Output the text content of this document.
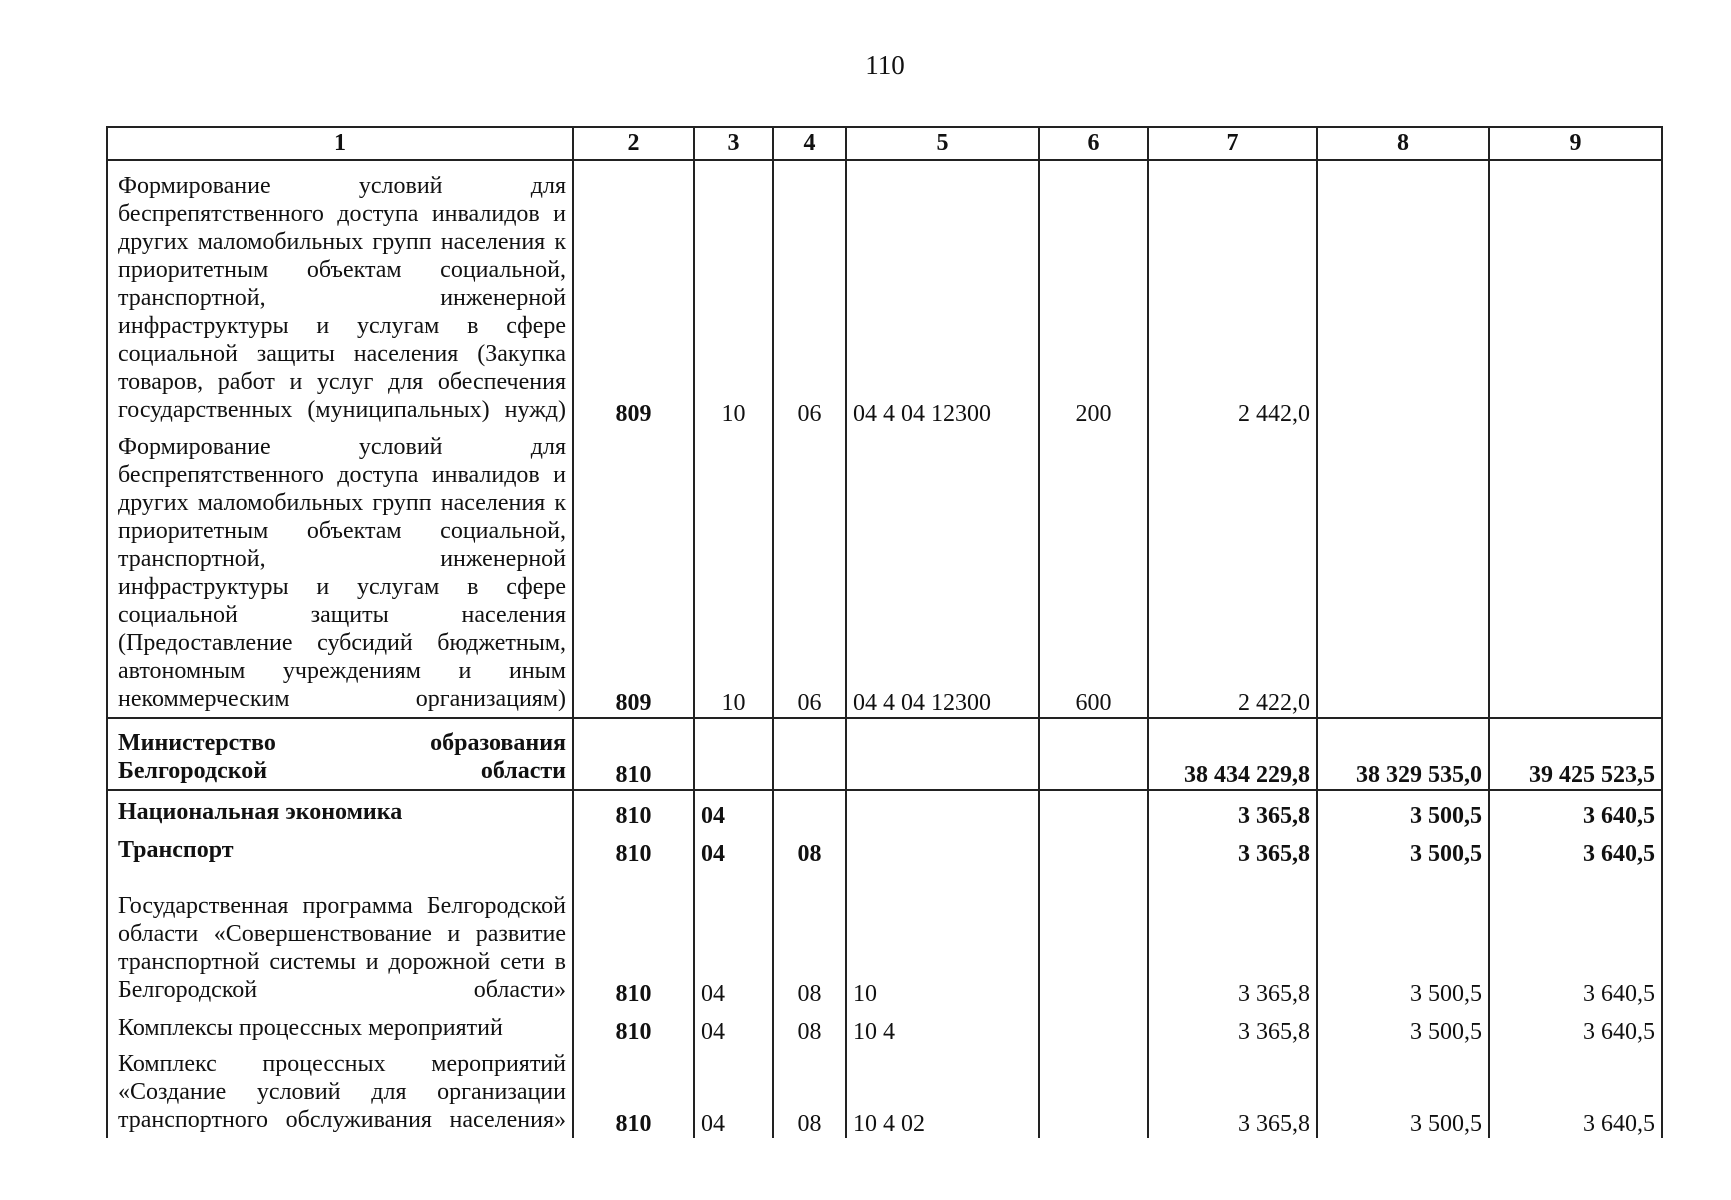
110
1	2	3	4	5	6	7	8	9
Формирование условий для беспрепятственного доступа инвалидов и других маломобильных групп населения к приоритетным объектам социальной, транспортной, инженерной инфраструктуры и услугам в сфере социальной защиты населения (Закупка товаров, работ и услуг для обеспечения государственных (муниципальных) нужд)	809	10	06	04 4 04 12300	200	2 442,0		
Формирование условий для беспрепятственного доступа инвалидов и других маломобильных групп населения к приоритетным объектам социальной, транспортной, инженерной инфраструктуры и услугам в сфере социальной защиты населения (Предоставление субсидий бюджетным, автономным учреждениям и иным некоммерческим организациям)	809	10	06	04 4 04 12300	600	2 422,0		
Министерство образования Белгородской области	810					38 434 229,8	38 329 535,0	39 425 523,5
Национальная экономика	810	04				3 365,8	3 500,5	3 640,5
Транспорт	810	04	08			3 365,8	3 500,5	3 640,5
Государственная программа Белгородской области «Совершенствование и развитие транспортной системы и дорожной сети в Белгородской области»	810	04	08	10		3 365,8	3 500,5	3 640,5
Комплексы процессных мероприятий	810	04	08	10 4		3 365,8	3 500,5	3 640,5
Комплекс процессных мероприятий «Создание условий для организации транспортного обслуживания населения»	810	04	08	10 4 02		3 365,8	3 500,5	3 640,5
